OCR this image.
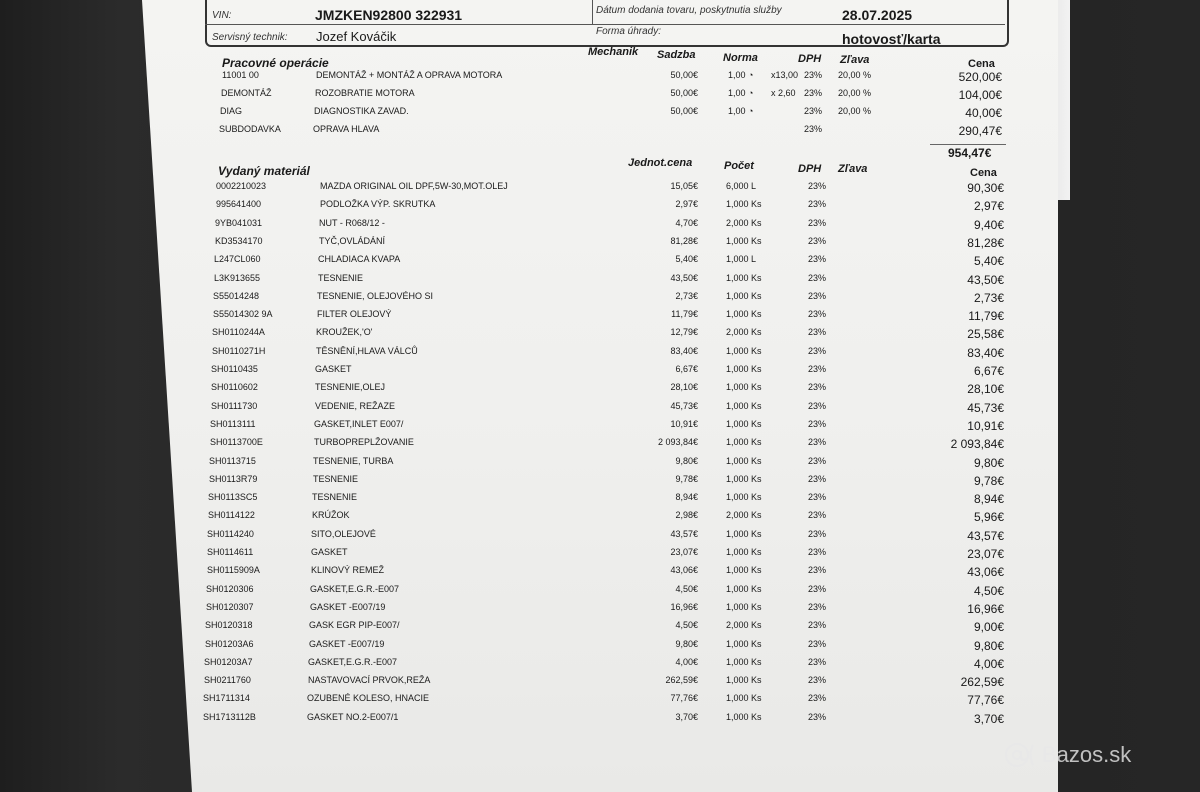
VIN:	JMZKEN92800 322931
Servisný technik: Jozef Kováčik
Dátum dodania tovaru, poskytnutia služby	28.07.2025
Forma úhrady:	hotovosť/karta
Pracovné operácie
Mechanik Sadzba Norma	DPH Zľava	Cena
11001 00	DEMONTÁŽ + MONTÁŽ A OPRAVA MOTORA	50,00€	1,00 ◔ x13,00 23% 20,00 %	520,00€
DEMONTÁŽ	ROZOBRATIE MOTORA	50,00€	1,00 ◔ x 2,60 23% 20,00 %	104,00€
DIAG	DIAGNOSTIKA ZAVAD.	50,00€	1,00 ◔	23% 20,00 %	40,00€
SUBDODAVKA	OPRAVA HLAVA	23%	290,47€
954,47€
Vydaný materiál
Jednot.cena	Počet	DPH Zľava	Cena
0002210023	MAZDA ORIGINAL OIL DPF,5W-30,MOT.OLEJ	15,05€	6,000 L	23%	90,30€
995641400	PODLOŽKA VÝP. SKRUTKA	2,97€	1,000 Ks	23%	2,97€
9YB041031	NUT - R068/12 -	4,70€	2,000 Ks	23%	9,40€
KD3534170	TYČ,OVLÁDÁNÍ	81,28€	1,000 Ks	23%	81,28€
L247CL060	CHLADIACA KVAPA	5,40€	1,000 L	23%	5,40€
L3K913655	TESNENIE	43,50€	1,000 Ks	23%	43,50€
S55014248	TESNENIE, OLEJOVÉHO SI	2,73€	1,000 Ks	23%	2,73€
S55014302 9A	FILTER OLEJOVÝ	11,79€	1,000 Ks	23%	11,79€
SH0110244A	KROUŽEK,'O'	12,79€	2,000 Ks	23%	25,58€
SH0110271H	TĚSNĚNÍ,HLAVA VÁLCŮ	83,40€	1,000 Ks	23%	83,40€
SH0110435	GASKET	6,67€	1,000 Ks	23%	6,67€
SH0110602	TESNENIE,OLEJ	28,10€	1,000 Ks	23%	28,10€
SH0111730	VEDENIE, REŽAZE	45,73€	1,000 Ks	23%	45,73€
SH0113111	GASKET,INLET E007/	10,91€	1,000 Ks	23%	10,91€
SH0113700E	TURBOPREPLŽOVANIE	2 093,84€	1,000 Ks	23%	2 093,84€
SH0113715	TESNENIE, TURBA	9,80€	1,000 Ks	23%	9,80€
SH0113R79	TESNENIE	9,78€	1,000 Ks	23%	9,78€
SH0113SC5	TESNENIE	8,94€	1,000 Ks	23%	8,94€
SH0114122	KRÚŽOK	2,98€	2,000 Ks	23%	5,96€
SH0114240	SITO,OLEJOVÉ	43,57€	1,000 Ks	23%	43,57€
SH0114611	GASKET	23,07€	1,000 Ks	23%	23,07€
SH0115909A	KLINOVÝ REMEŽ	43,06€	1,000 Ks	23%	43,06€
SH0120306	GASKET,E.G.R.-E007	4,50€	1,000 Ks	23%	4,50€
SH0120307	GASKET -E007/19	16,96€	1,000 Ks	23%	16,96€
SH0120318	GASK EGR PIP-E007/	4,50€	2,000 Ks	23%	9,00€
SH01203A6	GASKET -E007/19	9,80€	1,000 Ks	23%	9,80€
SH01203A7	GASKET,E.G.R.-E007	4,00€	1,000 Ks	23%	4,00€
SH0211760	NASTAVOVACÍ PRVOK,REŽA	262,59€	1,000 Ks	23%	262,59€
SH1711314	OZUBENÉ KOLESO, HNACIE	77,76€	1,000 Ks	23%	77,76€
SH1713112B	GASKET NO.2-E007/1	3,70€	1,000 Ks	23%	3,70€
Bazos.sk
